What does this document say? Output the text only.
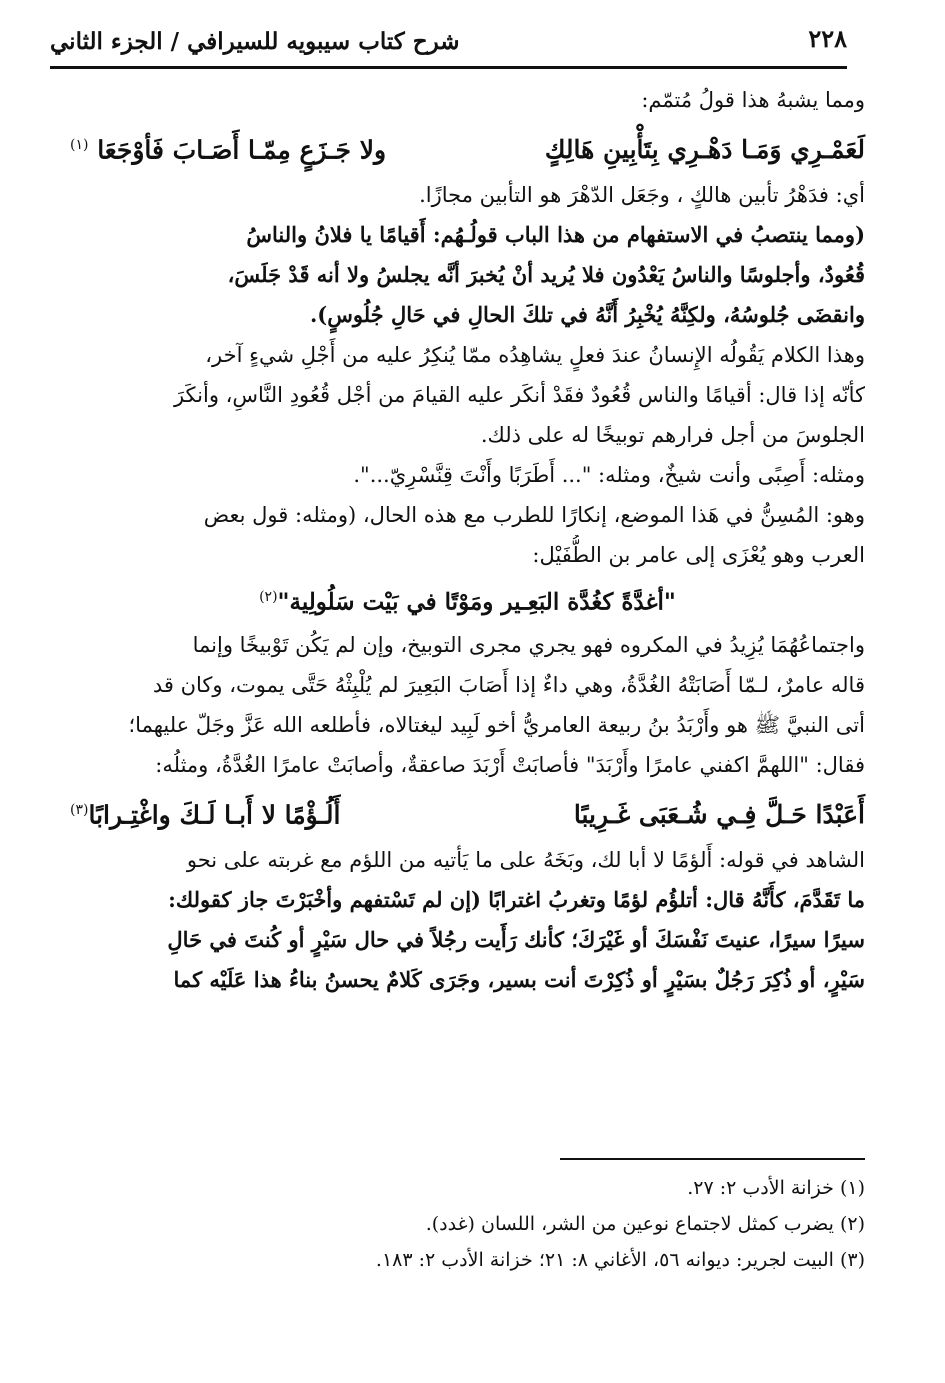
٢٢٨
شرح كتاب سيبويه للسيرافي / الجزء الثاني
ومما يشبهُ هذا قولُ مُتمّم:
لَعَمْـرِي وَمَـا دَهْـرِي بِتَأْبِينِ هَالِكٍ
ولا جَـزَعٍ مِمّـا أَصَـابَ فَأوْجَعَا $^{(١)}$
أي: فدَهْرُ تأبين هالكٍ ، وجَعَل الدّهْرَ هو التأبين مجازًا.
(ومما ينتصبُ في الاستفهام من هذا الباب قولُـهُم: أَقيامًا يا فلانُ والناسُ
قُعُودٌ، وأجلوسًا والناسُ يَعْدُون فلا يُريد أنْ يُخبرَ أنَّه يجلسُ ولا أنه قَدْ جَلَسَ،
وانقضَى جُلوسُهُ، ولكِنَّهُ يُخْبِرُ أَنَّهُ في تلكَ الحالِ في حَالِ جُلُوسٍ).
وهذا الكلام يَقُولُه الإِنسانُ عندَ فعلٍ يشاهِدُه ممّا يُنكِرُ عليه من أَجْلِ شيءٍ آخر،
كأنّه إذا قال: أقيامًا والناس قُعُودٌ فقَدْ أنكَر عليه القيامَ من أجْل قُعُودِ النَّاسِ، وأنكَرَ
الجلوسَ من أجل فرارهم توبيخًا له على ذلك.
ومثله: أَصِبًى وأنت شيخٌ، ومثله: "... أَطَرَبًا وأَنْتَ قِنَّسْرِيّ...".
وهو: المُسِنُّ في هَذا الموضع، إنكارًا للطرب مع هذه الحال، (ومثله: قول بعض
العرب وهو يُعْزَى إلى عامر بن الطُّفَيْل:
"أغدَّةً كغُدَّة البَعِـير ومَوْتًا في بَيْت سَلُولِية"$^{(٢)}$
واجتماعُهُمَا يُزِيدُ في المكروه فهو يجري مجرى التوبيخ، وإن لم يَكُن تَوْبيخًا وإنما
قاله عامرٌ، لـمّا أَصَابَتْهُ الغُدَّةُ، وهي داءٌ إذا أَصَابَ البَعِيرَ لم يُلْبِثْهُ حَتَّى يموت، وكان قد
أتى النبيَّ ﷺ هو وأَرْبَدُ بنُ ربيعة العامريُّ أخو لَبِيد ليغتالاه، فأطلعه الله عَزَّ وجَلّ عليهما؛
فقال: "اللهمَّ اكفني عامرًا وأَرْبَدَ" فأصابَتْ أَرْبَدَ صاعقةٌ، وأصابَتْ عامرًا الغُدَّةُ، ومثلُه:
أَعَبْدًا حَـلَّ فِـي شُـعَبَى غَـرِيبًا
أَلُـؤْمًا لا أَبـا لَـكَ واغْتِـرابًا$^{(٣)}$
الشاهد في قوله: أَلؤمًا لا أبا لك، وبَخَهُ على ما يَأتيه من اللؤم مع غربته على نحو
ما تَقَدَّمَ، كأَنَّهُ قال: أتلؤُم لؤمًا وتغربُ اغترابًا (إن لم تَسْتفهم وأخْبَرْتَ جاز كقولك:
سيرًا سيرًا، عنيتَ نَفْسَكَ أو غَيْرَكَ؛ كأنك رَأَيت رجُلاً في حال سَيْرٍ أو كُنتَ في حَالِ
سَيْرٍ، أو ذُكِرَ رَجُلٌ بسَيْرٍ أو ذُكِرْتَ أنت بسير، وجَرَى كَلامٌ يحسنُ بناءُ هذا عَلَيْه كما
(١) خزانة الأدب ٢: ٢٧.
(٢) يضرب كمثل لاجتماع نوعين من الشر، اللسان (غدد).
(٣) البيت لجرير: ديوانه ٥٦، الأغاني ٨: ٢١؛ خزانة الأدب ٢: ١٨٣.
